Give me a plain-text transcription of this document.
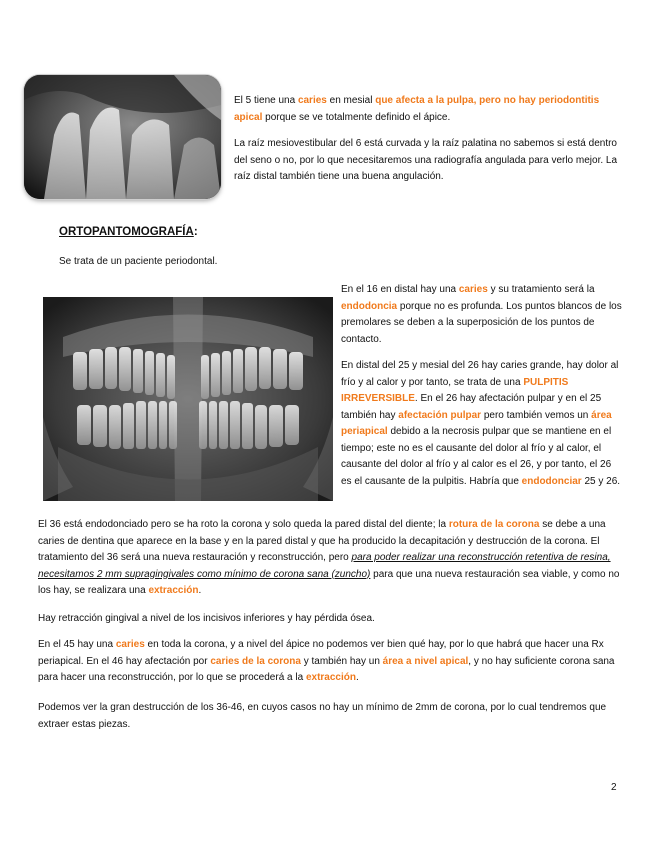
El 5 tiene una caries en mesial que afecta a la pulpa, pero no hay periodontitis apical porque se ve totalmente definido el ápice.

La raíz mesiovestibular del 6 está curvada y la raíz palatina no sabemos si está dentro del seno o no, por lo que necesitaremos una radiografía angulada para verlo mejor. La raíz distal también tiene una buena angulación.

ORTOPANTOMOGRAFÍA:

Se trata de un paciente periodontal.

En el 16 en distal hay una caries y su tratamiento será la endodoncia porque no es profunda. Los puntos blancos de los premolares se deben a la superposición de los puntos de contacto.

En distal del 25 y mesial del 26 hay caries grande, hay dolor al frío y al calor y por tanto, se trata de una PULPITIS IRREVERSIBLE. En el 26 hay afectación pulpar y en el 25 también hay afectación pulpar pero también vemos un área periapical debido a la necrosis pulpar que se mantiene en el tiempo; este no es el causante del dolor al frío y al calor, el causante del dolor al frío y al calor es el 26, y por tanto, el 26 es el causante de la pulpitis. Habría que endodonciar 25 y 26.

El 36 está endodonciado pero se ha roto la corona y solo queda la pared distal del diente; la rotura de la corona se debe a una caries de dentina que aparece en la base y en la pared distal y que ha producido la decapitación y destrucción de la corona. El tratamiento del 36 será una nueva restauración y reconstrucción, pero para poder realizar una reconstrucción retentiva de resina, necesitamos 2 mm supragingivales como mínimo de corona sana (zuncho) para que una nueva restauración sea viable, y como no los hay, se realizara una extracción.

Hay retracción gingival a nivel de los incisivos inferiores y hay pérdida ósea.

En el 45 hay una caries en toda la corona, y a nivel del ápice no podemos ver bien qué hay, por lo que habrá que hacer una Rx periapical. En el 46 hay afectación por caries de la corona y también hay un área a nivel apical, y no hay suficiente corona sana para hacer una reconstrucción, por lo que se procederá a la extracción.

Podemos ver la gran destrucción de los 36-46, en cuyos casos no hay un mínimo de 2mm de corona, por lo cual tendremos que extraer estas piezas.

2
